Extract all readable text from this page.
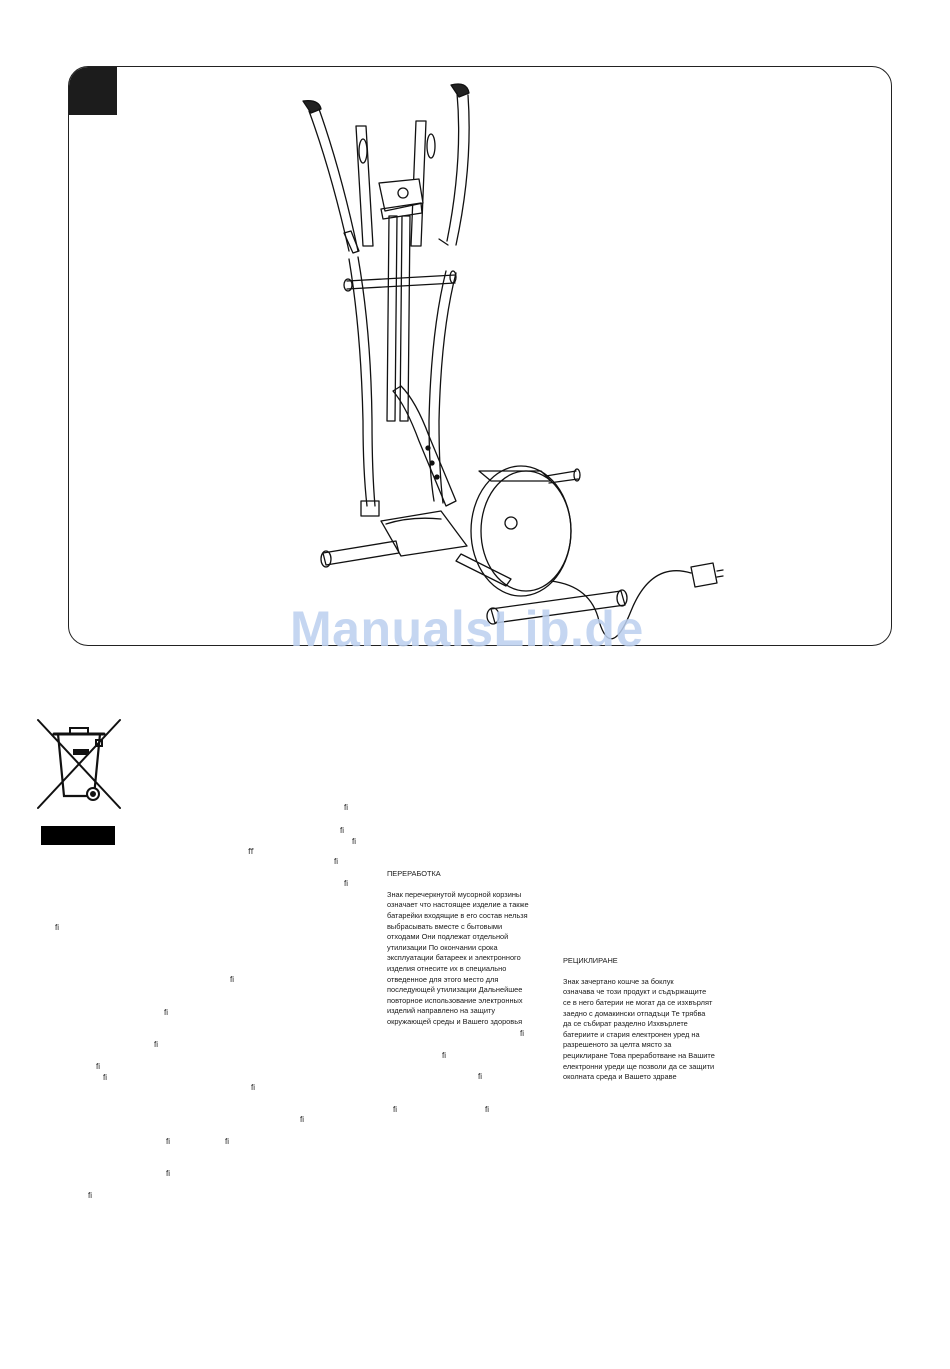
ManualsLib.de

ПЕРЕРАБОТКА

Знак перечеркнутой мусорной корзины
означает что настоящее изделие а также
батарейки входящие в его состав нельзя
выбрасывать вместе с бытовыми
отходами Они подлежат отдельной
утилизации По окончании срока
эксплуатации батареек и электронного
изделия отнесите их в специально
отведенное для этого место для
последующей утилизации Дальнейшее
повторное использование электронных
изделий направлено на защиту
окружающей среды и Вашего здоровья

РЕЦИКЛИРАНЕ

Знак зачертано кошче за боклук
означава че този продукт и съдържащите
се в него батерии не могат да се изхвърлят
заедно с домакински отпадъци Те трябва
да се събират разделно Изхвърлете
батериите и стария електронен уред на
разрешеното за целта място за
рециклиране Това преработване на Вашите
електронни уреди ще позволи да се защити
околната среда и Вашето здраве

ﬁ
ﬁ
ﬁ
ﬀ
ﬁ
ﬁ
ﬁ
ﬁ
ﬁ
ﬁ
ﬁ
ﬁ
ﬁ
ﬁ	ﬁ
ﬁ
ﬁ	ﬁ
ﬁ
ﬁ	ﬁ
ﬁ
ﬁ
